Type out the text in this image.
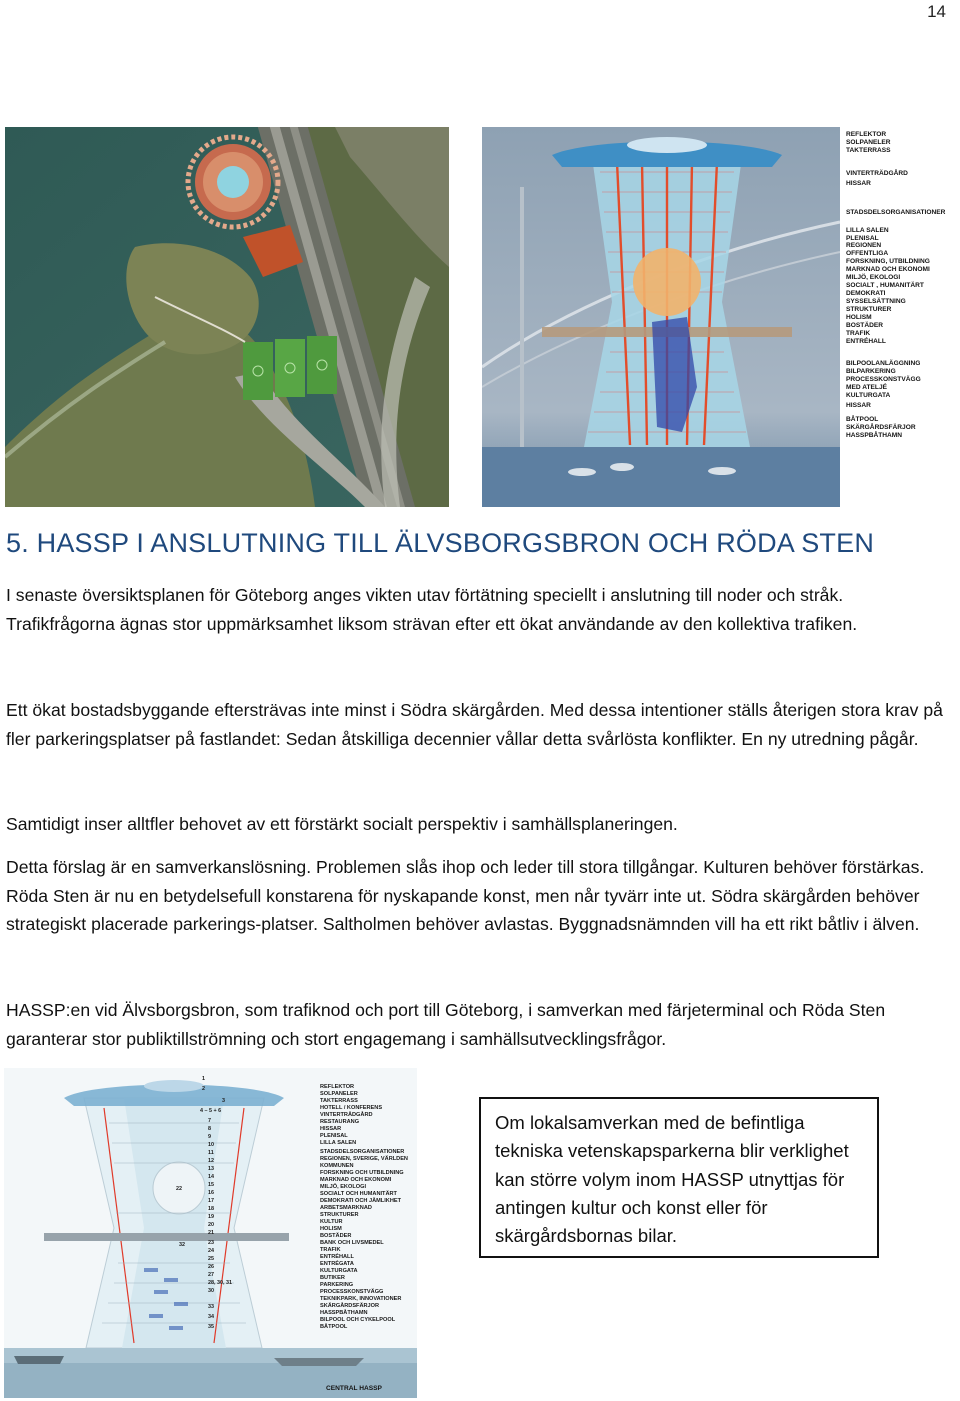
14
REFLEKTOR
SOLPANELER
TAKTERRASS
VINTERTRÄDGÅRD
HISSAR
STADSDELSORGANISATIONER
REGIONEN
OFFENTLIGA
FORSKNING, UTBILDNING
MARKNAD OCH EKONOMI
MILJÖ, EKOLOGI
SOCIALT , HUMANITÄRT
DEMOKRATI
SYSSELSÄTTNING
STRUKTURER
HOLISM
BOSTÄDER
TRAFIK
ENTRÉHALL
PLENISAL
LILLA SALEN
BILPOOLANLÄGGNING
BILPARKERING
PROCESSKONSTVÄGG
MED ATELJÉ
KULTURGATA
HISSAR
BÅTPOOL
SKÄRGÅRDSFÄRJOR
HASSPBÅTHAMN
5. HASSP I ANSLUTNING TILL ÄLVSBORGSBRON OCH RÖDA STEN

I senaste översiktsplanen för Göteborg anges vikten utav förtätning speciellt i anslutning till noder och stråk. Trafikfrågorna ägnas stor uppmärksamhet liksom strävan efter ett ökat användande av den kollektiva trafiken.

Ett ökat bostadsbyggande eftersträvas inte minst i Södra skärgården. Med dessa intentioner ställs återigen stora krav på fler parkeringsplatser på fastlandet: Sedan åtskilliga decennier vållar detta svårlösta konflikter. En ny utredning pågår.

Samtidigt inser alltfler behovet av ett förstärkt socialt perspektiv i samhällsplaneringen.

Detta förslag är en samverkanslösning. Problemen slås ihop och leder till stora tillgångar. Kulturen behöver förstärkas. Röda Sten är nu en betydelsefull konstarena för nyskapande konst, men når tyvärr inte ut. Södra skärgården behöver strategiskt placerade parkerings-platser. Saltholmen behöver avlastas. Byggnadsnämnden vill ha ett rikt båtliv i älven.

HASSP:en vid Älvsborgsbron, som trafiknod och port till Göteborg, i samverkan med färjeterminal och Röda Sten garanterar stor publiktillströmning och stort engagemang i samhällsutvecklingsfrågor.

1
2
3
4 – 5 + 6
7
8
9
10
11
12
13
14
15
16
17
18
19
20
21
22
23
24
25
26
27
28, 30, 31
30
32
33
34
35
REFLEKTOR
SOLPANELER
TAKTERRASS
HOTELL / KONFERENS
VINTERTRÄDGÅRD
RESTAURANG
HISSAR
PLENISAL
LILLA SALEN
STADSDELSORGANISATIONER
REGIONEN, SVERIGE, VÄRLDEN
KOMMUNEN
FORSKNING OCH UTBILDNING
MARKNAD OCH EKONOMI
MILJÖ, EKOLOGI
SOCIALT OCH HUMANITÄRT
DEMOKRATI OCH JÄMLIKHET
ARBETSMARKNAD
STRUKTURER
KULTUR
HOLISM
BOSTÄDER
BANK OCH LIVSMEDEL
TRAFIK
ENTRÉHALL
ENTRÉGATA
KULTURGATA
BUTIKER
PARKERING
PROCESSKONSTVÄGG
TEKNIKPARK, INNOVATIONER
SKÄRGÅRDSFÄRJOR
HASSPBÅTHAMN
BILPOOL OCH CYKELPOOL
BÅTPOOL
CENTRAL HASSP

Om lokalsamverkan med de befintliga tekniska vetenskapsparkerna blir verklighet kan större volym inom HASSP utnyttjas för antingen kultur och konst eller för skärgårdsbornas bilar.
